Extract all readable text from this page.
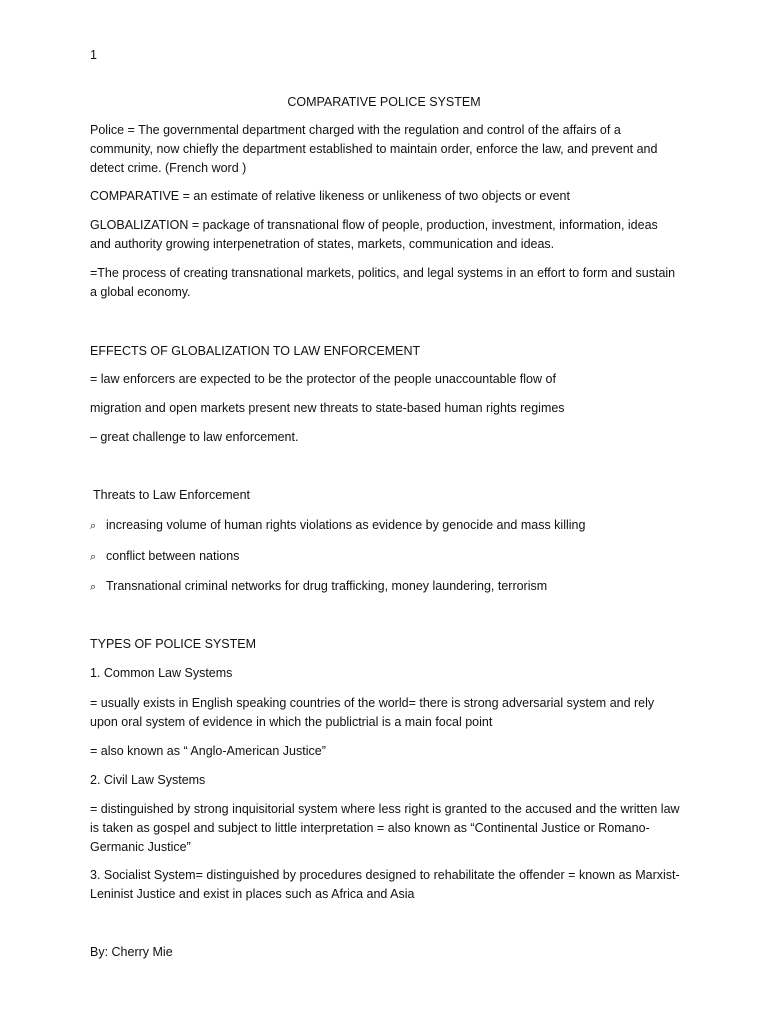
1
COMPARATIVE POLICE SYSTEM

Police = The governmental department charged with the regulation and control of the affairs of a community, now chiefly the department established to maintain order, enforce the law, and prevent and detect crime. (French word )

COMPARATIVE = an estimate of relative likeness or unlikeness of two objects or event

GLOBALIZATION = package of transnational flow of people, production, investment, information, ideas and authority growing interpenetration of states, markets, communication and ideas.

=The process of creating transnational markets, politics, and legal systems in an effort to form and sustain a global economy.

EFFECTS OF GLOBALIZATION TO LAW ENFORCEMENT

= law enforcers are expected to be the protector of the people unaccountable flow of

migration and open markets present new threats to state-based human rights regimes

– great challenge to law enforcement.

Threats to Law Enforcement

⌕ increasing volume of human rights violations as evidence by genocide and mass killing
⌕ conflict between nations
⌕ Transnational criminal networks for drug trafficking, money laundering, terrorism

TYPES OF POLICE SYSTEM

1. Common Law Systems

= usually exists in English speaking countries of the world= there is strong adversarial system and rely upon oral system of evidence in which the publictrial is a main focal point

= also known as “ Anglo-American Justice”

2. Civil Law Systems

= distinguished by strong inquisitorial system where less right is granted to the accused and the written law is taken as gospel and subject to little interpretation = also known as “Continental Justice or Romano-Germanic Justice”

3. Socialist System= distinguished by procedures designed to rehabilitate the offender = known as Marxist-Leninist Justice and exist in places such as Africa and Asia

By: Cherry Mie
